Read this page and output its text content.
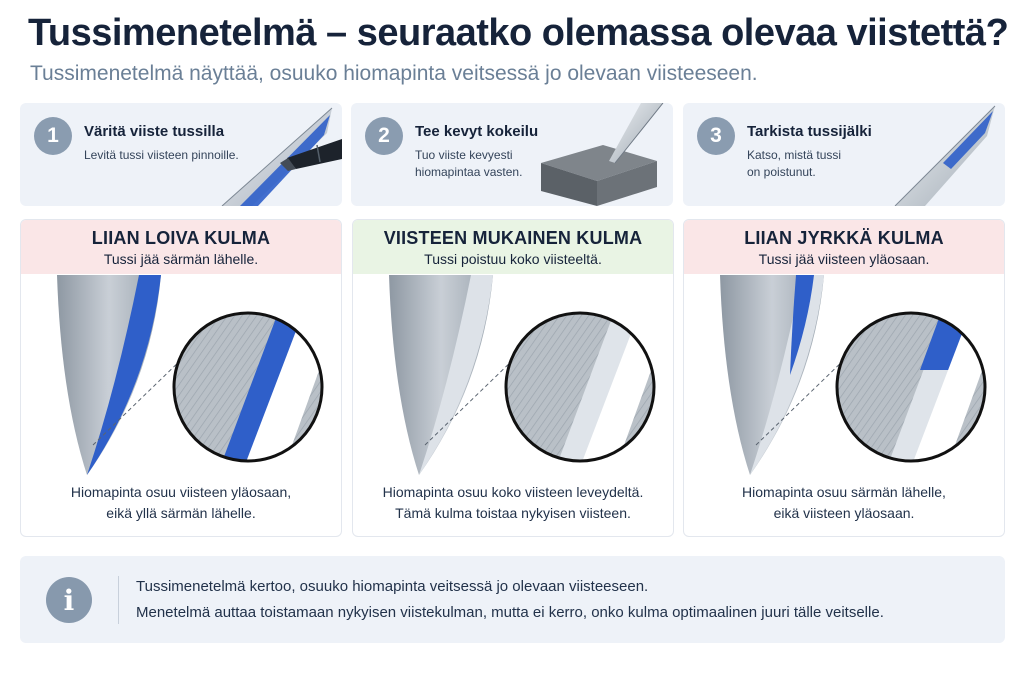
Tussimenetelmä – seuraatko olemassa olevaa viistettä?
Tussimenetelmä näyttää, osuuko hiomapinta veitsessä jo olevaan viisteeseen.
1	Väritä viiste tussilla
Levitä tussi viisteen pinnoille.
2	Tee kevyt kokeilu
Tuo viiste kevyesti
hiomapintaa vasten.
3	Tarkista tussijälki
Katso, mistä tussi
on poistunut.
LIIAN LOIVA KULMA
Tussi jää särmän lähelle.
Hiomapinta osuu viisteen yläosaan,
eikä yllä särmän lähelle.
VIISTEEN MUKAINEN KULMA
Tussi poistuu koko viisteeltä.
Hiomapinta osuu koko viisteen leveydeltä.
Tämä kulma toistaa nykyisen viisteen.
LIIAN JYRKKÄ KULMA
Tussi jää viisteen yläosaan.
Hiomapinta osuu särmän lähelle,
eikä viisteen yläosaan.
i	Tussimenetelmä kertoo, osuuko hiomapinta veitsessä jo olevaan viisteeseen.
Menetelmä auttaa toistamaan nykyisen viistekulman, mutta ei kerro, onko kulma optimaalinen juuri tälle veitselle.
